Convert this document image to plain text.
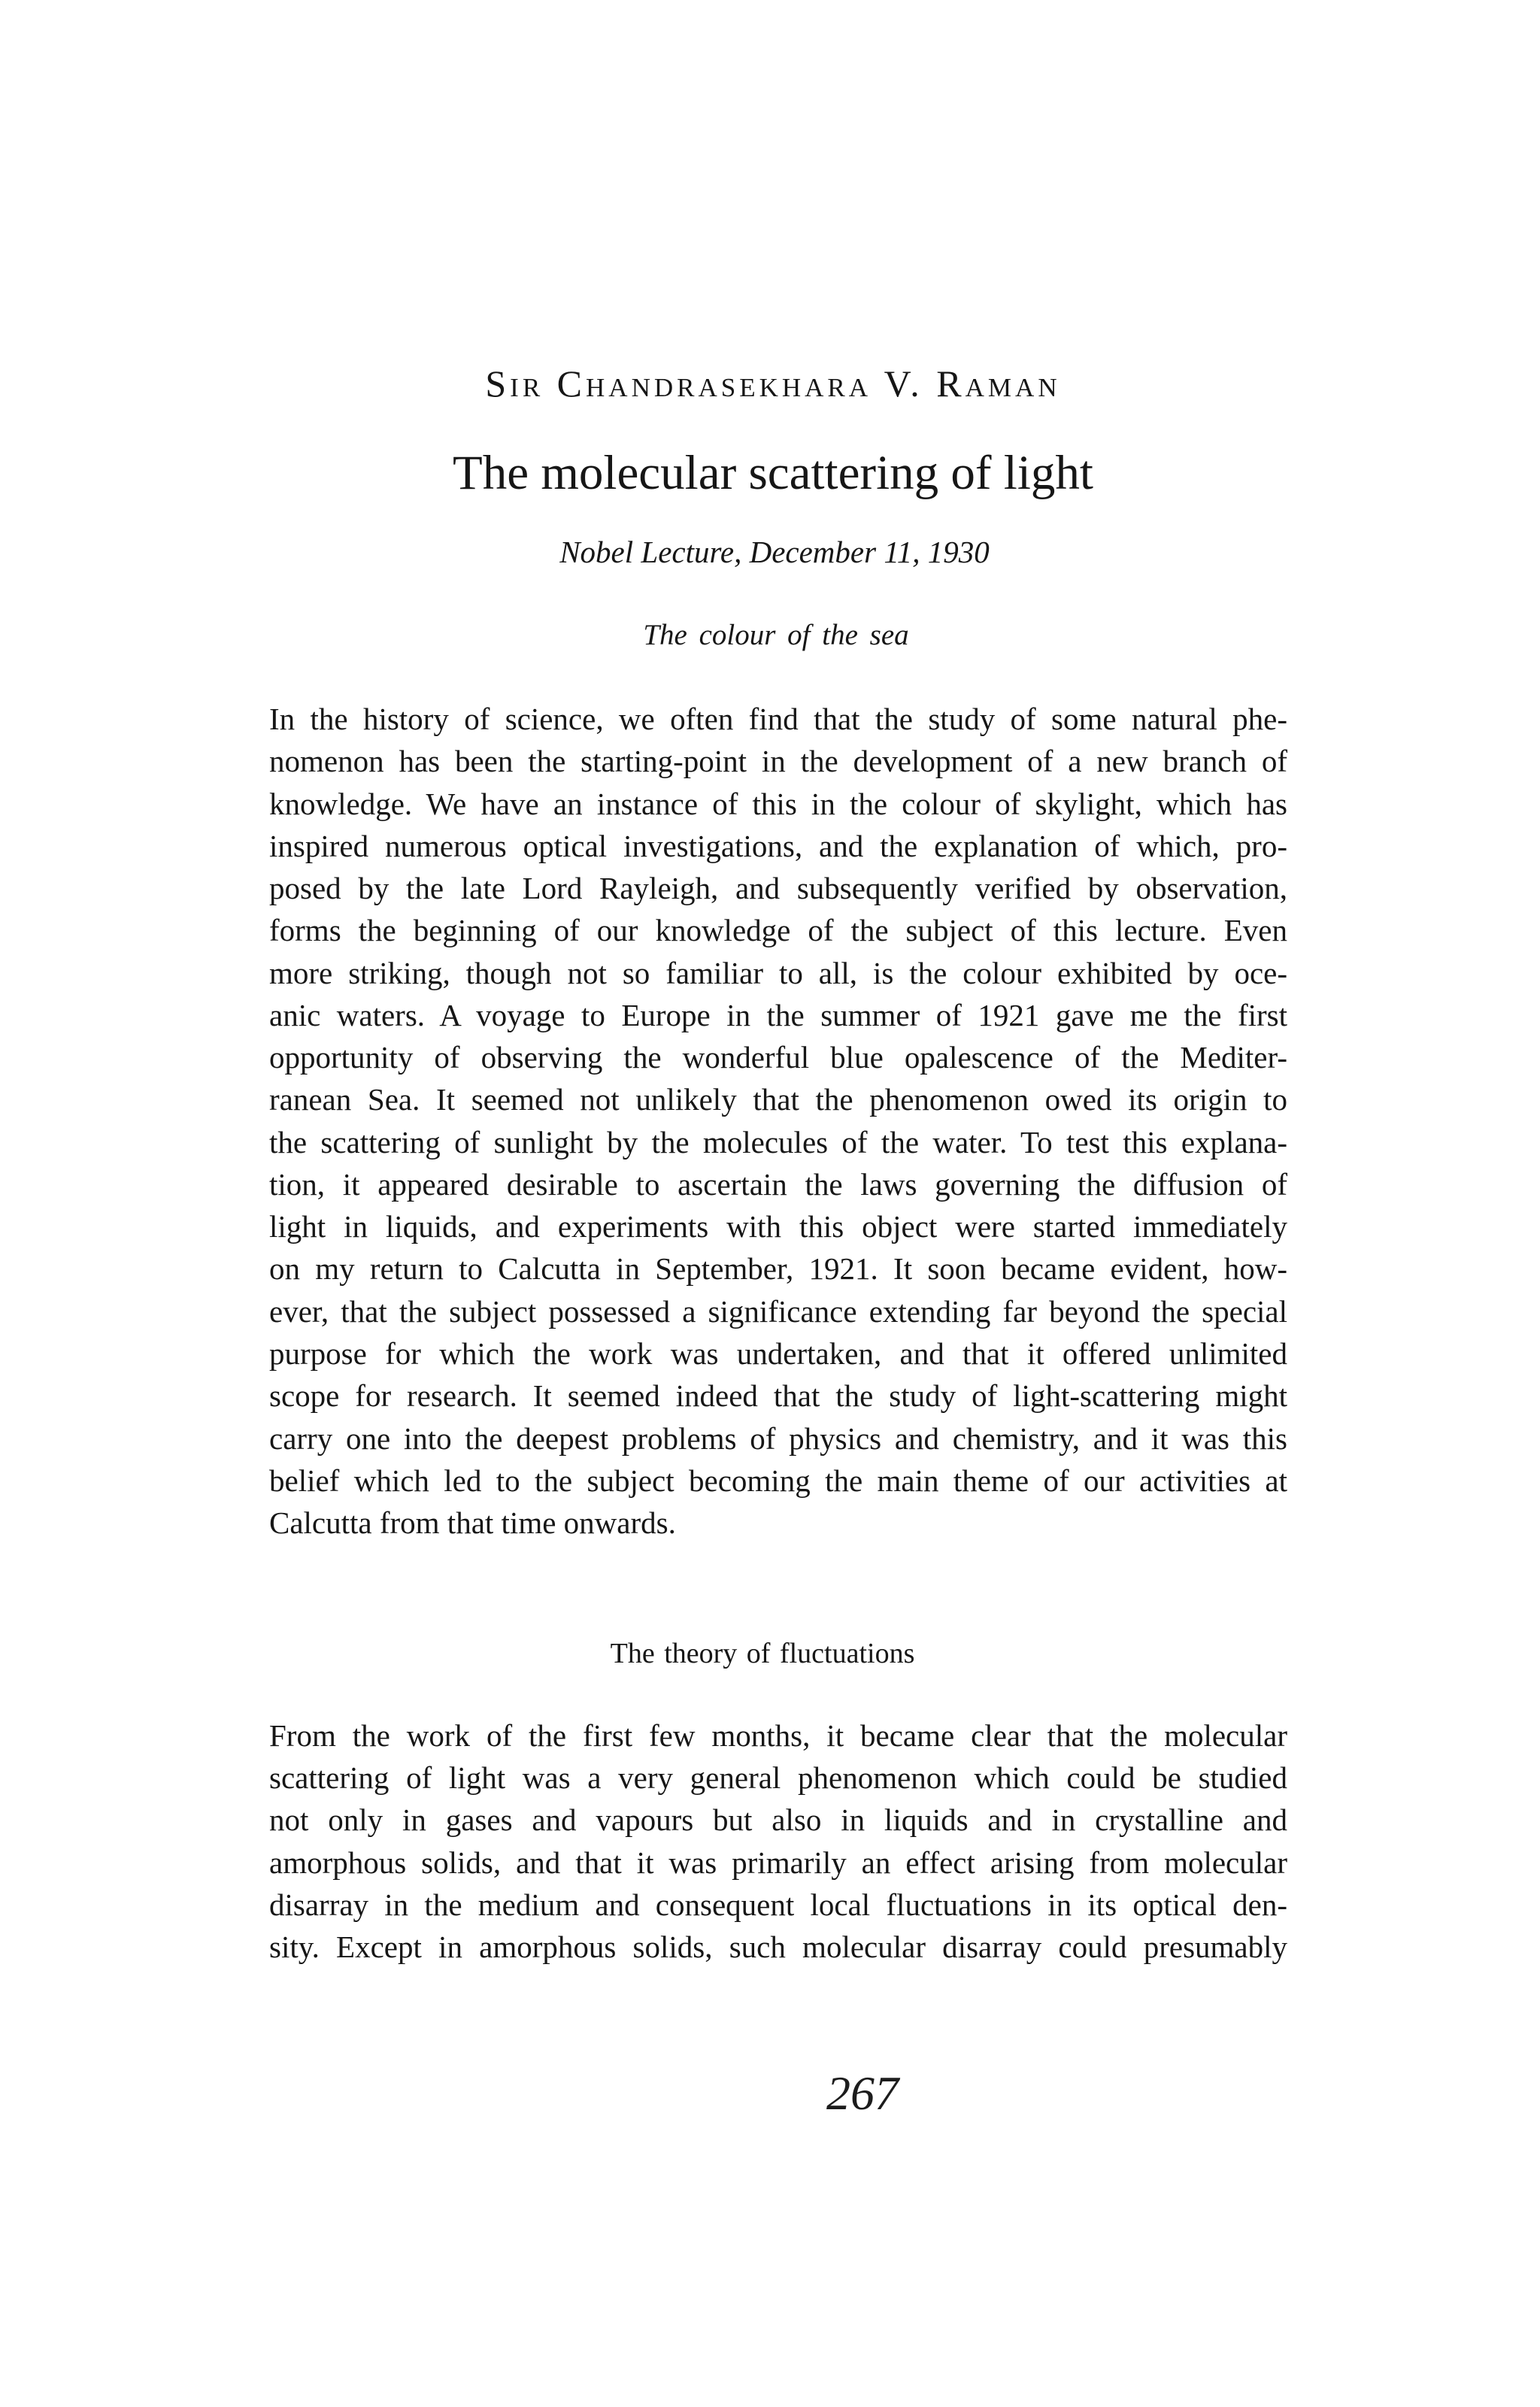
Sir Chandrasekhara V. Raman
The molecular scattering of light
Nobel Lecture, December 11, 1930
The colour of the sea
In the history of science, we often find that the study of some natural phe-
nomenon has been the starting-point in the development of a new branch of
knowledge. We have an instance of this in the colour of skylight, which has
inspired numerous optical investigations, and the explanation of which, pro-
posed by the late Lord Rayleigh, and subsequently verified by observation,
forms the beginning of our knowledge of the subject of this lecture. Even
more striking, though not so familiar to all, is the colour exhibited by oce-
anic waters. A voyage to Europe in the summer of 1921 gave me the first
opportunity of observing the wonderful blue opalescence of the Mediter-
ranean Sea. It seemed not unlikely that the phenomenon owed its origin to
the scattering of sunlight by the molecules of the water. To test this explana-
tion, it appeared desirable to ascertain the laws governing the diffusion of
light in liquids, and experiments with this object were started immediately
on my return to Calcutta in September, 1921. It soon became evident, how-
ever, that the subject possessed a significance extending far beyond the special
purpose for which the work was undertaken, and that it offered unlimited
scope for research. It seemed indeed that the study of light-scattering might
carry one into the deepest problems of physics and chemistry, and it was this
belief which led to the subject becoming the main theme of our activities at
Calcutta from that time onwards.
The theory of fluctuations
From the work of the first few months, it became clear that the molecular
scattering of light was a very general phenomenon which could be studied
not only in gases and vapours but also in liquids and in crystalline and
amorphous solids, and that it was primarily an effect arising from molecular
disarray in the medium and consequent local fluctuations in its optical den-
sity. Except in amorphous solids, such molecular disarray could presumably
267
